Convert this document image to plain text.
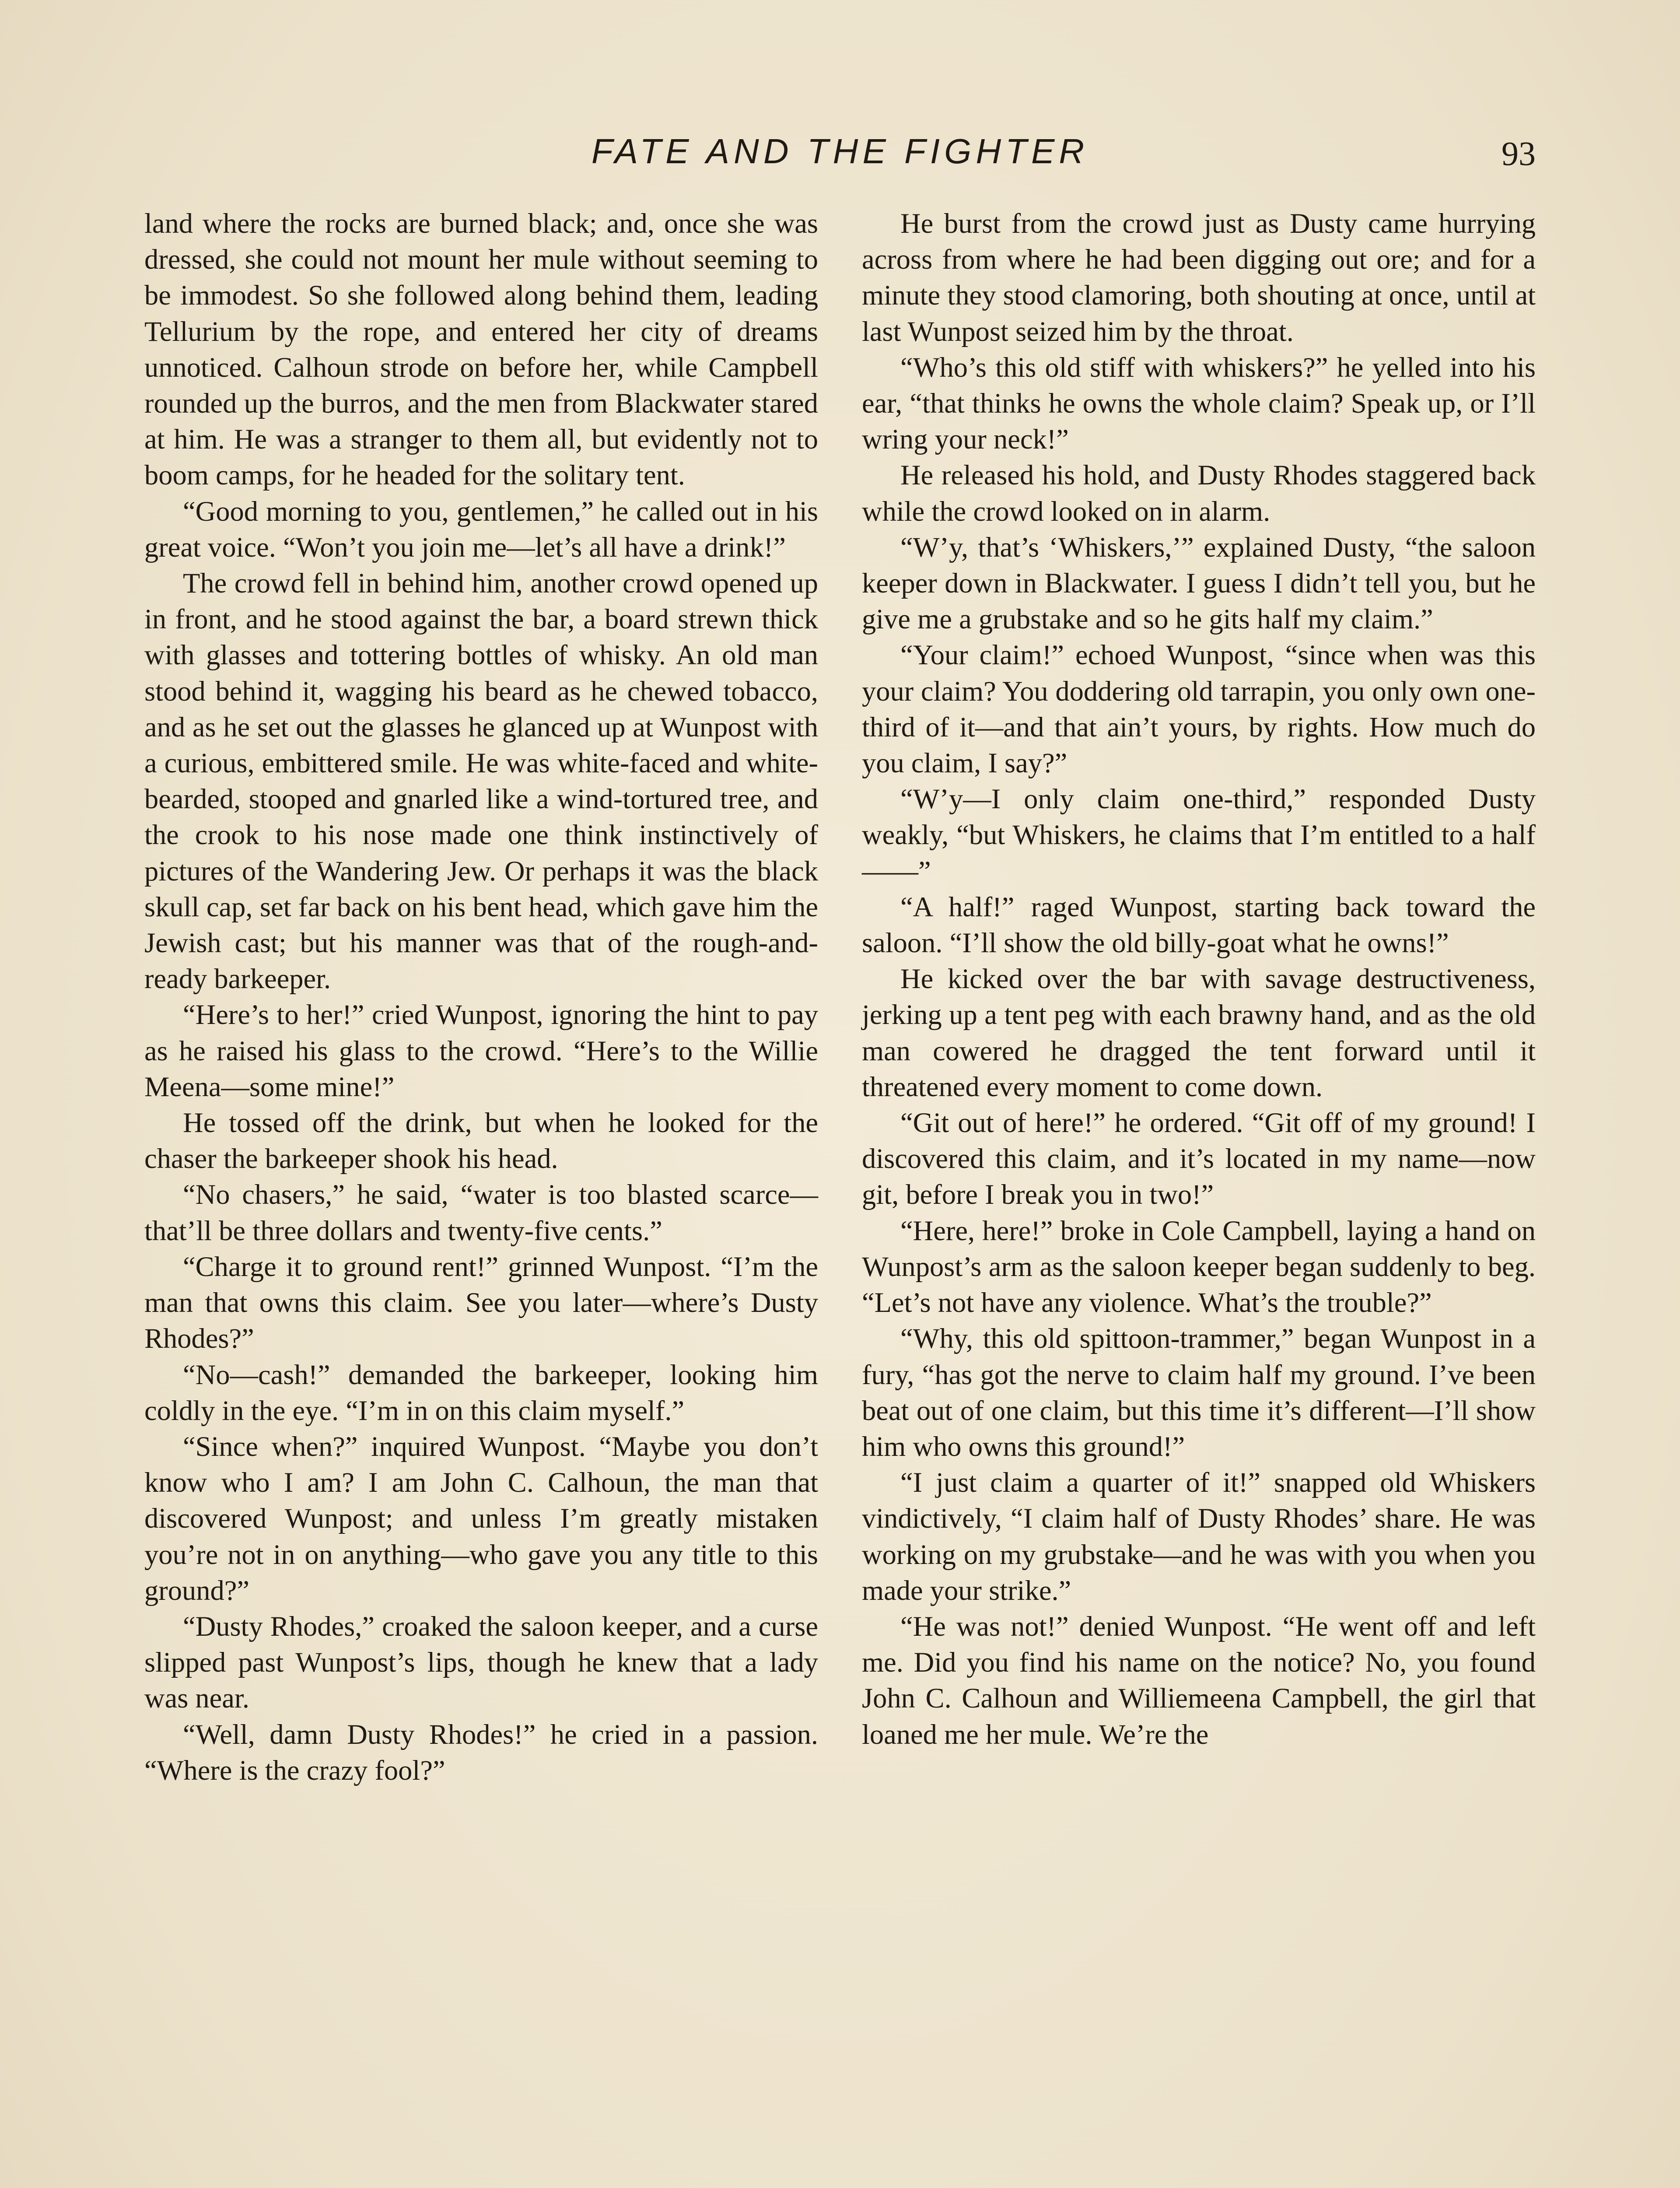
FATE AND THE FIGHTER	93

land where the rocks are burned black; and, once she was dressed, she could not mount her mule without seeming to be immodest. So she followed along behind them, leading Tellurium by the rope, and entered her city of dreams unnoticed. Calhoun strode on before her, while Campbell rounded up the burros, and the men from Blackwater stared at him. He was a stranger to them all, but evidently not to boom camps, for he headed for the solitary tent.

“Good morning to you, gentlemen,” he called out in his great voice. “Won’t you join me—let’s all have a drink!”

The crowd fell in behind him, another crowd opened up in front, and he stood against the bar, a board strewn thick with glasses and tottering bottles of whisky. An old man stood behind it, wagging his beard as he chewed tobacco, and as he set out the glasses he glanced up at Wunpost with a curious, embittered smile. He was white-faced and white-bearded, stooped and gnarled like a wind-tortured tree, and the crook to his nose made one think instinctively of pictures of the Wandering Jew. Or perhaps it was the black skull cap, set far back on his bent head, which gave him the Jewish cast; but his manner was that of the rough-and-ready barkeeper.

“Here’s to her!” cried Wunpost, ignoring the hint to pay as he raised his glass to the crowd. “Here’s to the Willie Meena—some mine!”

He tossed off the drink, but when he looked for the chaser the barkeeper shook his head.

“No chasers,” he said, “water is too blasted scarce—that’ll be three dollars and twenty-five cents.”

“Charge it to ground rent!” grinned Wunpost. “I’m the man that owns this claim. See you later—where’s Dusty Rhodes?”

“No—cash!” demanded the barkeeper, looking him coldly in the eye. “I’m in on this claim myself.”

“Since when?” inquired Wunpost. “Maybe you don’t know who I am? I am John C. Calhoun, the man that discovered Wunpost; and unless I’m greatly mistaken you’re not in on anything—who gave you any title to this ground?”

“Dusty Rhodes,” croaked the saloon keeper, and a curse slipped past Wunpost’s lips, though he knew that a lady was near.

“Well, damn Dusty Rhodes!” he cried in a passion. “Where is the crazy fool?”

He burst from the crowd just as Dusty came hurrying across from where he had been digging out ore; and for a minute they stood clamoring, both shouting at once, until at last Wunpost seized him by the throat.

“Who’s this old stiff with whiskers?” he yelled into his ear, “that thinks he owns the whole claim? Speak up, or I’ll wring your neck!”

He released his hold, and Dusty Rhodes staggered back while the crowd looked on in alarm.

“W’y, that’s ‘Whiskers,’” explained Dusty, “the saloon keeper down in Blackwater. I guess I didn’t tell you, but he give me a grubstake and so he gits half my claim.”

“Your claim!” echoed Wunpost, “since when was this your claim? You doddering old tarrapin, you only own one-third of it—and that ain’t yours, by rights. How much do you claim, I say?”

“W’y—I only claim one-third,” responded Dusty weakly, “but Whiskers, he claims that I’m entitled to a half——”

“A half!” raged Wunpost, starting back toward the saloon. “I’ll show the old billy-goat what he owns!”

He kicked over the bar with savage destructiveness, jerking up a tent peg with each brawny hand, and as the old man cowered he dragged the tent forward until it threatened every moment to come down.

“Git out of here!” he ordered. “Git off of my ground! I discovered this claim, and it’s located in my name—now git, before I break you in two!”

“Here, here!” broke in Cole Campbell, laying a hand on Wunpost’s arm as the saloon keeper began suddenly to beg. “Let’s not have any violence. What’s the trouble?”

“Why, this old spittoon-trammer,” began Wunpost in a fury, “has got the nerve to claim half my ground. I’ve been beat out of one claim, but this time it’s different—I’ll show him who owns this ground!”

“I just claim a quarter of it!” snapped old Whiskers vindictively, “I claim half of Dusty Rhodes’ share. He was working on my grubstake—and he was with you when you made your strike.”

“He was not!” denied Wunpost. “He went off and left me. Did you find his name on the notice? No, you found John C. Calhoun and Williemeena Campbell, the girl that loaned me her mule. We’re the
